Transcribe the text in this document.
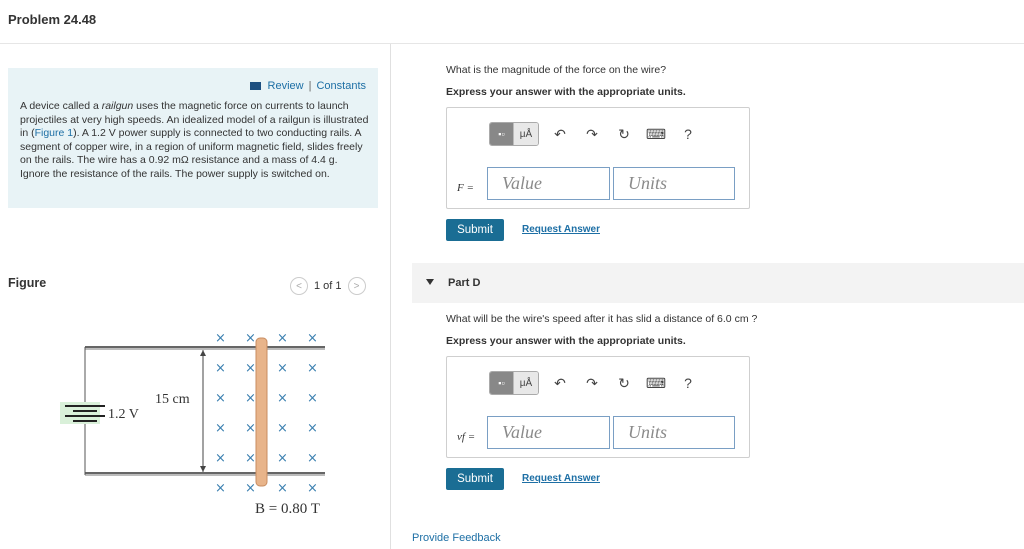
Problem 24.48
Review | Constants
A device called a railgun uses the magnetic force on currents to launch projectiles at very high speeds. An idealized model of a railgun is illustrated in (Figure 1). A 1.2 V power supply is connected to two conducting rails. A segment of copper wire, in a region of uniform magnetic field, slides freely on the rails. The wire has a 0.92 mΩ resistance and a mass of 4.4 g. Ignore the resistance of the rails. The power supply is switched on.
Figure	<	1 of 1	>
1.2 V
15 cm
× × × ×
× × × ×
× × × ×
× × × ×
× × × ×
× × × ×
B = 0.80 T
What is the magnitude of the force on the wire?
Express your answer with the appropriate units.
▪▫	μÅ	↶	↷	↻	⌨	?
F =	Value	Units
Submit	Request Answer
Part D
What will be the wire's speed after it has slid a distance of 6.0 cm ?
Express your answer with the appropriate units.
▪▫	μÅ	↶	↷	↻	⌨	?
vf =	Value	Units
Submit	Request Answer
Provide Feedback
